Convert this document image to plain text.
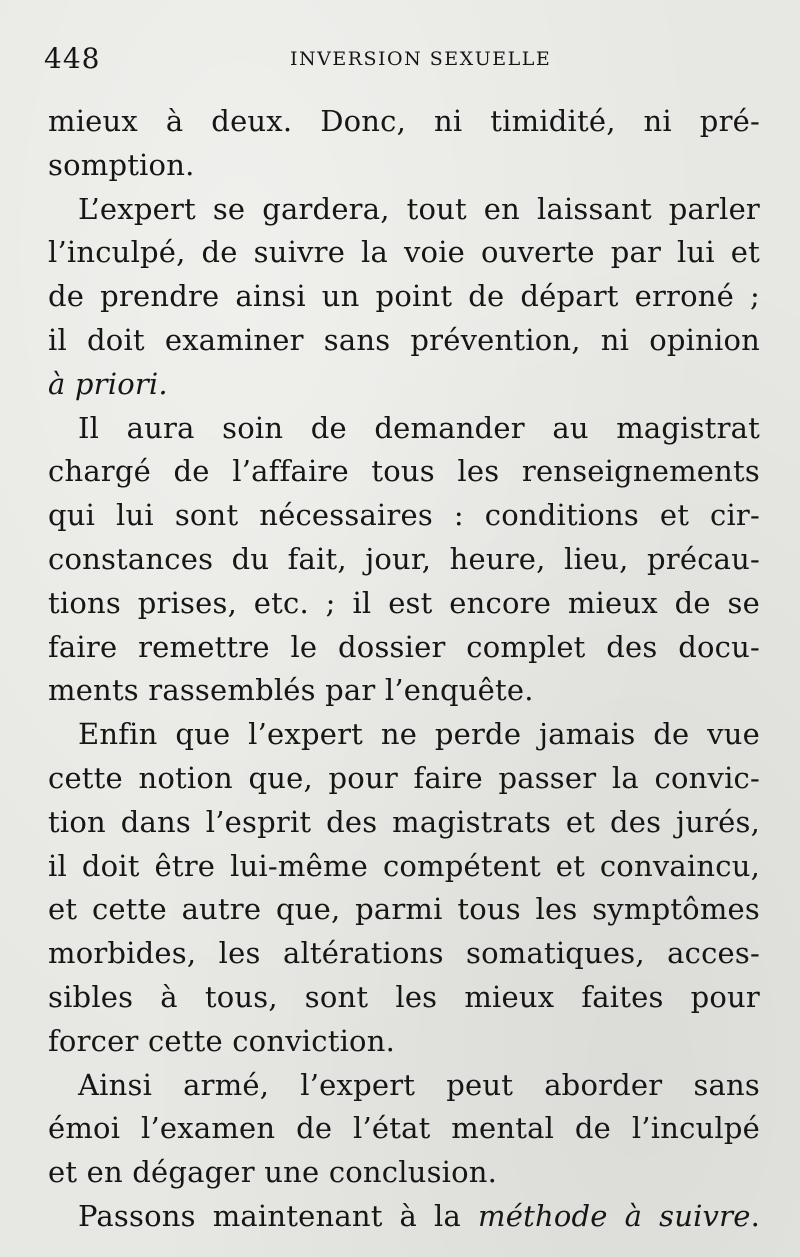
448	INVERSION SEXUELLE
mieux à deux. Donc, ni timidité, ni pré-
somption.
L’expert se gardera, tout en laissant parler
l’inculpé, de suivre la voie ouverte par lui et
de prendre ainsi un point de départ erroné ;
il doit examiner sans prévention, ni opinion
à priori.
Il aura soin de demander au magistrat
chargé de l’affaire tous les renseignements
qui lui sont nécessaires : conditions et cir-
constances du fait, jour, heure, lieu, précau-
tions prises, etc. ; il est encore mieux de se
faire remettre le dossier complet des docu-
ments rassemblés par l’enquête.
Enfin que l’expert ne perde jamais de vue
cette notion que, pour faire passer la convic-
tion dans l’esprit des magistrats et des jurés,
il doit être lui-même compétent et convaincu,
et cette autre que, parmi tous les symptômes
morbides, les altérations somatiques, acces-
sibles à tous, sont les mieux faites pour
forcer cette conviction.
Ainsi armé, l’expert peut aborder sans
émoi l’examen de l’état mental de l’inculpé
et en dégager une conclusion.
Passons maintenant à la méthode à suivre.
